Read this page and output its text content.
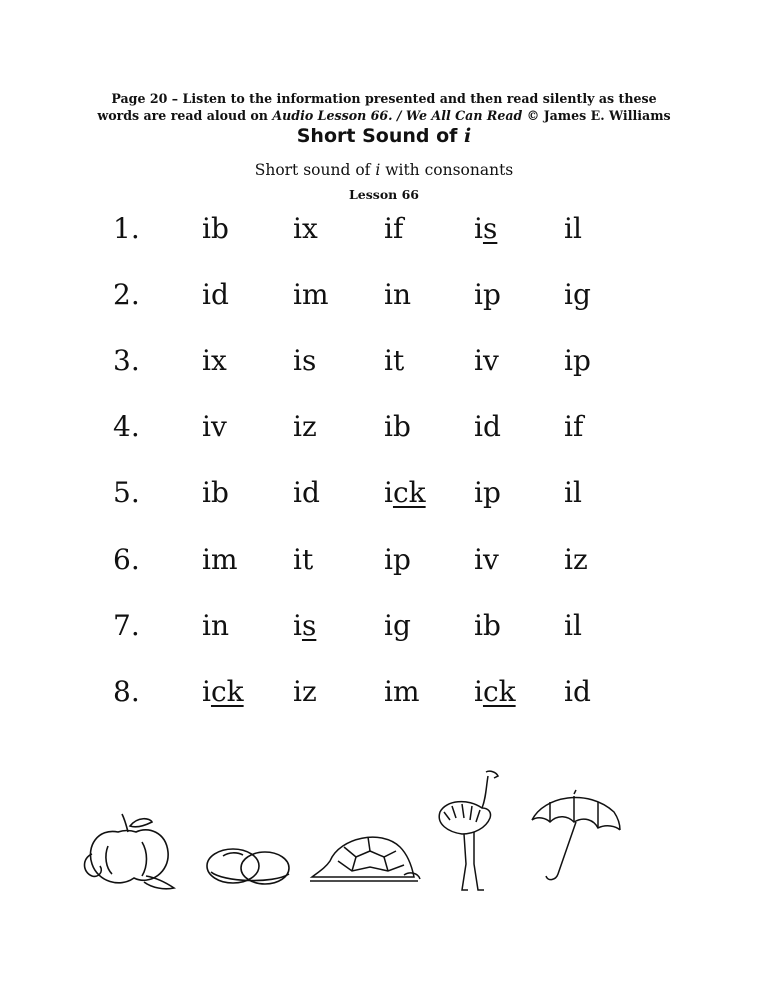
Page 20 – Listen to the information presented and then read silently as these
words are read aloud on Audio Lesson 66. / We All Can Read © James E. Williams
Short Sound of i
Short sound of i with consonants
Lesson 66
1. ib ix if	is il
2. id im in ip ig
3. ix is it iv ip
4. iv iz ib id if
5. ib id ick ip il
6. im it	ip iv iz
7. in is ig ib il
8. ick iz im ick id
